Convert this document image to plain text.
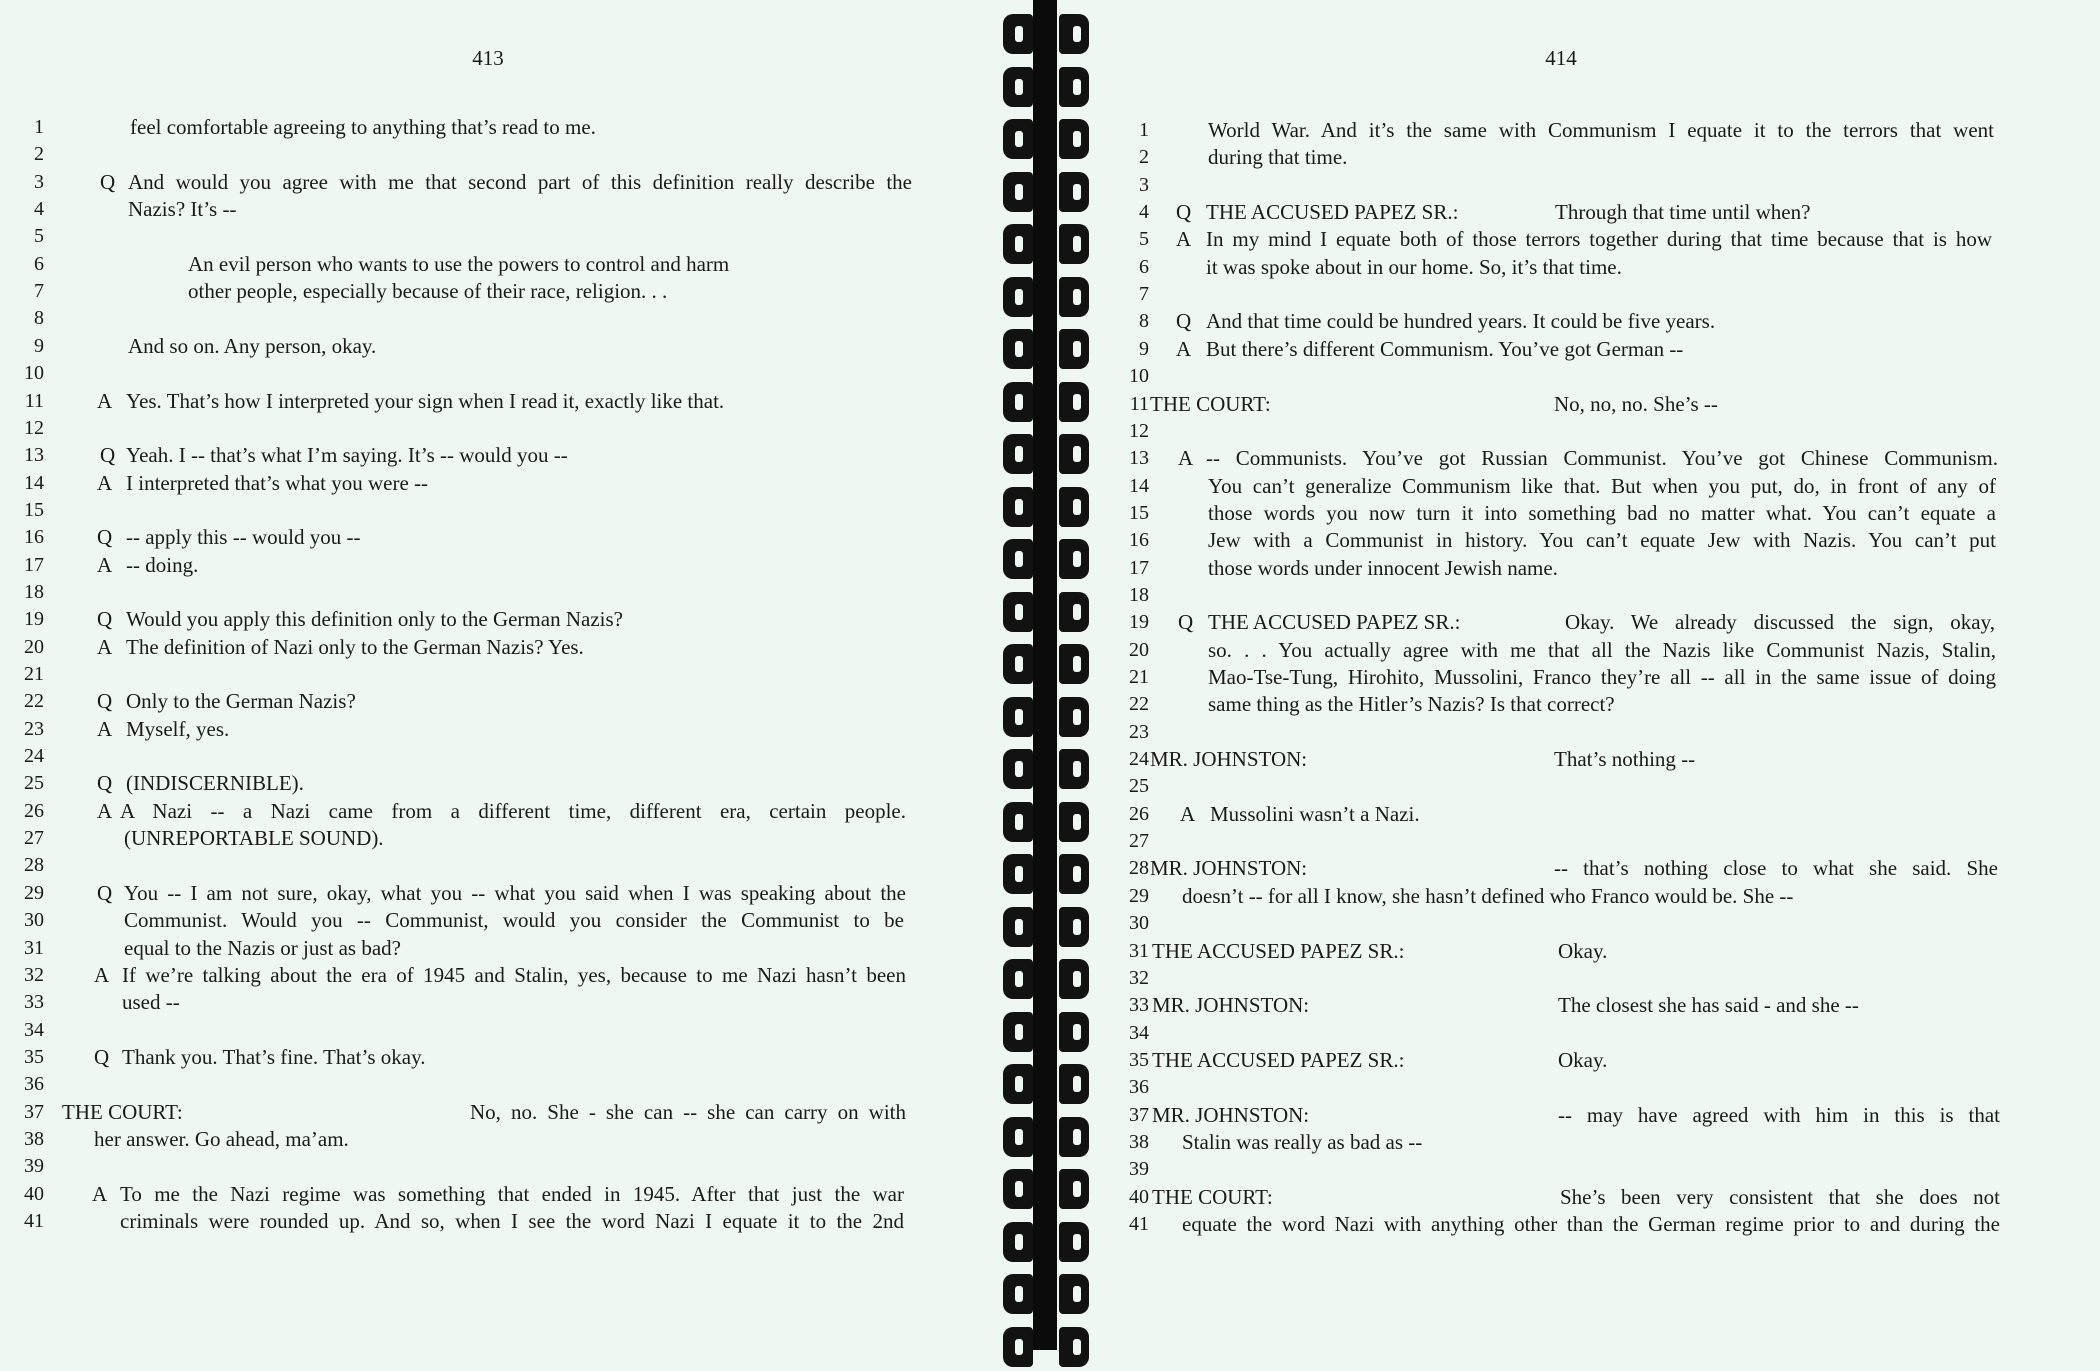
413
1	feel comfortable agreeing to anything that’s read to me.
2
3	Q And would you agree with me that second part of this definition really describe the
4	Nazis? It’s --
5
6	An evil person who wants to use the powers to control and harm
7	other people, especially because of their race, religion. . .
8
9	And so on. Any person, okay.
10
11	A Yes. That’s how I interpreted your sign when I read it, exactly like that.
12
13	Q Yeah. I -- that’s what I’m saying. It’s -- would you --
14	A I interpreted that’s what you were --
15
16	Q -- apply this -- would you --
17	A -- doing.
18
19	Q Would you apply this definition only to the German Nazis?
20	A The definition of Nazi only to the German Nazis? Yes.
21
22	Q Only to the German Nazis?
23	A Myself, yes.
24
25	Q (INDISCERNIBLE).
26	A A Nazi -- a Nazi came from a different time, different era, certain people.
27	(UNREPORTABLE SOUND).
28
29	Q You -- I am not sure, okay, what you -- what you said when I was speaking about the
30	Communist. Would you -- Communist, would you consider the Communist to be
31	equal to the Nazis or just as bad?
32 A If we’re talking about the era of 1945 and Stalin, yes, because to me Nazi hasn’t been
33	used --
34
35 Q Thank you. That’s fine. That’s okay.
36
37 THE COURT:	No, no. She - she can -- she can carry on with
38 her answer. Go ahead, ma’am.
39
40 A To me the Nazi regime was something that ended in 1945. After that just the war
41	criminals were rounded up. And so, when I see the word Nazi I equate it to the 2nd
414
1	World War. And it’s the same with Communism I equate it to the terrors that went
2	during that time.
3
4 Q THE ACCUSED PAPEZ SR.:	Through that time until when?
5 A In my mind I equate both of those terrors together during that time because that is how
6	it was spoke about in our home. So, it’s that time.
7
8 Q And that time could be hundred years. It could be five years.
9 A But there’s different Communism. You’ve got German --
10
11 THE COURT:	No, no, no. She’s --
12
13 A -- Communists. You’ve got Russian Communist. You’ve got Chinese Communism.
14	You can’t generalize Communism like that. But when you put, do, in front of any of
15	those words you now turn it into something bad no matter what. You can’t equate a
16	Jew with a Communist in history. You can’t equate Jew with Nazis. You can’t put
17	those words under innocent Jewish name.
18
19 Q THE ACCUSED PAPEZ SR.:	Okay. We already discussed the sign, okay,
20	so. . . You actually agree with me that all the Nazis like Communist Nazis, Stalin,
21	Mao-Tse-Tung, Hirohito, Mussolini, Franco they’re all -- all in the same issue of doing
22	same thing as the Hitler’s Nazis? Is that correct?
23
24 MR. JOHNSTON:	That’s nothing --
25
26 A Mussolini wasn’t a Nazi.
27
28 MR. JOHNSTON:	-- that’s nothing close to what she said. She
29 doesn’t -- for all I know, she hasn’t defined who Franco would be. She --
30
31 THE ACCUSED PAPEZ SR.:	Okay.
32
33 MR. JOHNSTON:	The closest she has said - and she --
34
35 THE ACCUSED PAPEZ SR.:	Okay.
36
37 MR. JOHNSTON:	-- may have agreed with him in this is that
38 Stalin was really as bad as --
39
40 THE COURT:	She’s been very consistent that she does not
41 equate the word Nazi with anything other than the German regime prior to and during the
